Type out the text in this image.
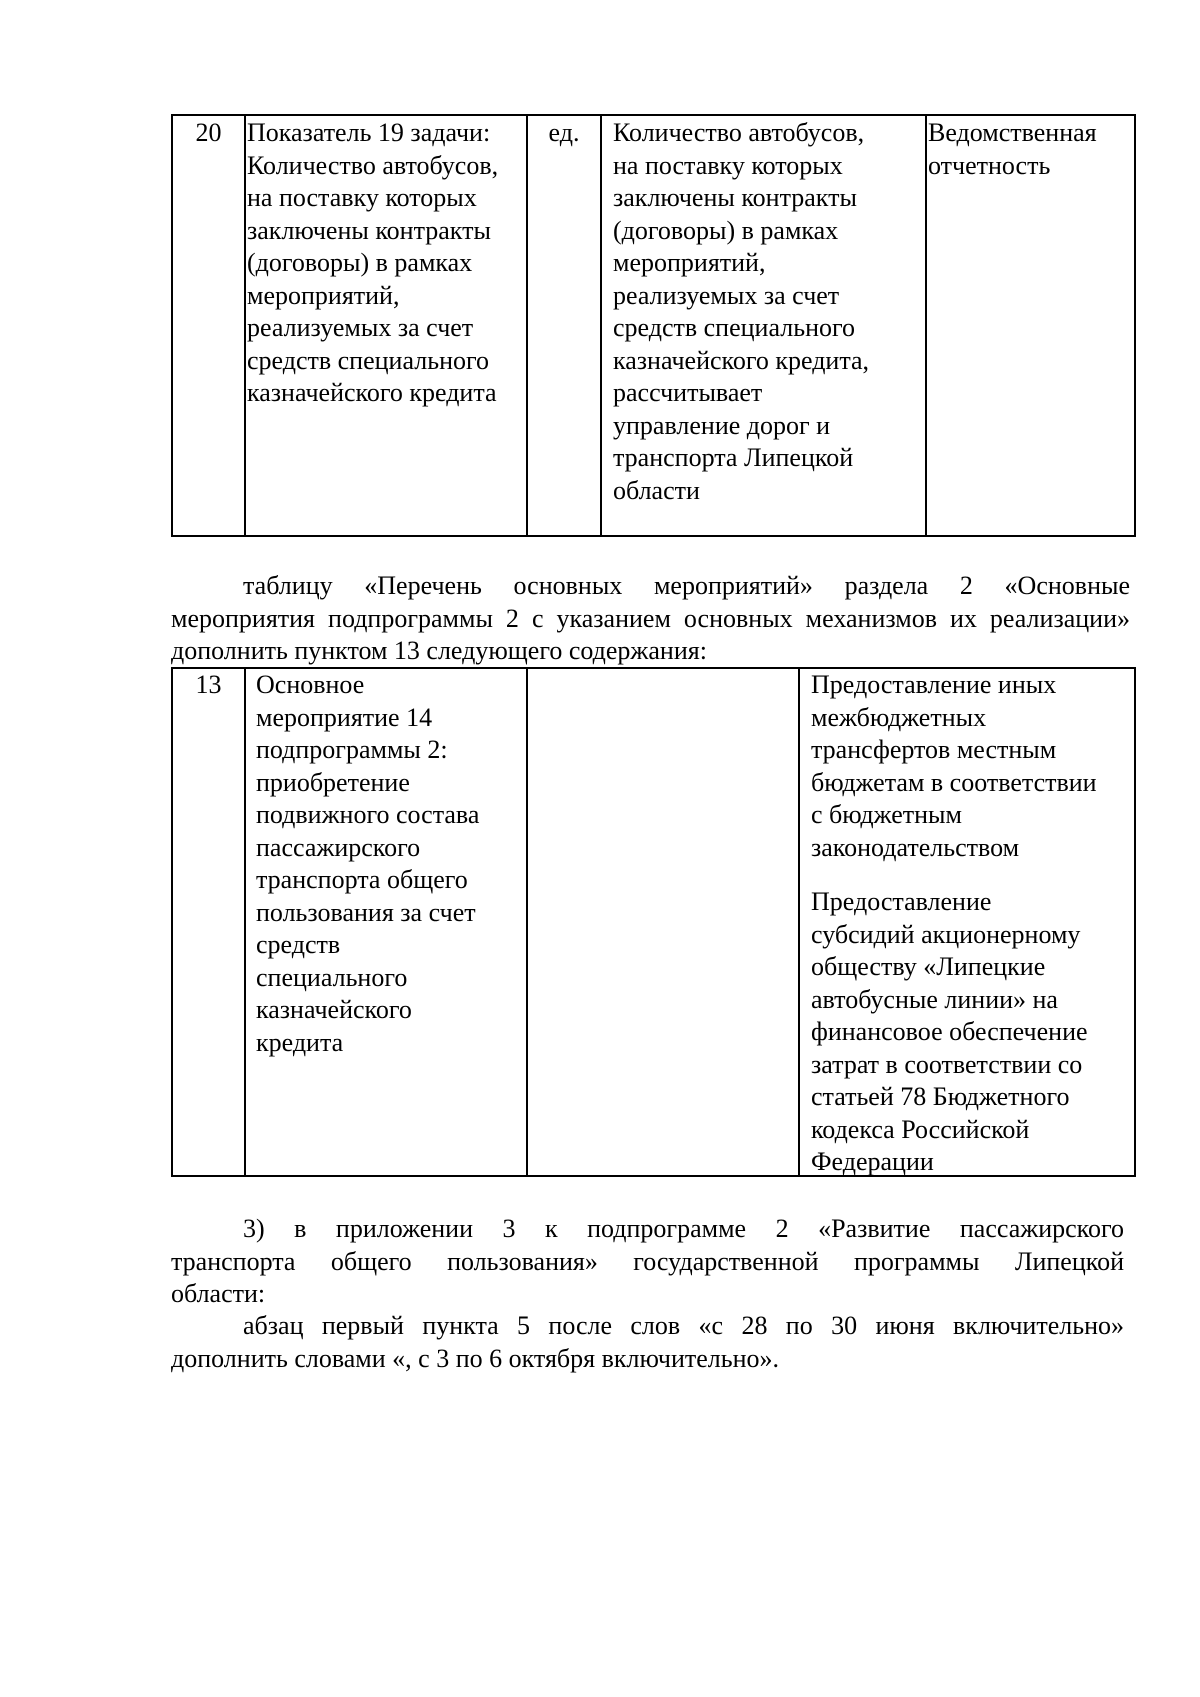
20 Показатель 19 задачи:
Количество автобусов,
на поставку которых
заключены контракты
(договоры) в рамках
мероприятий,
реализуемых за счет
средств специального
казначейского кредита
ед.	Количество автобусов,
на поставку которых
заключены контракты
(договоры) в рамках
мероприятий,
реализуемых за счет
средств специального
казначейского кредита,
рассчитывает
управление дорог и
транспорта Липецкой
области
Ведомственная
отчетность
таблицу «Перечень основных мероприятий» раздела 2 «Основные
мероприятия подпрограммы 2 с указанием основных механизмов их реализации»
дополнить пунктом 13 следующего содержания:
13	Основное
мероприятие 14
подпрограммы 2:
приобретение
подвижного состава
пассажирского
транспорта общего
пользования за счет
средств
специального
казначейского
кредита
Предоставление иных
межбюджетных
трансфертов местным
бюджетам в соответствии
с бюджетным
законодательством
Предоставление
субсидий акционерному
обществу «Липецкие
автобусные линии» на
финансовое обеспечение
затрат в соответствии со
статьей 78 Бюджетного
кодекса Российской
Федерации
3) в приложении 3 к подпрограмме 2 «Развитие пассажирского
транспорта общего пользования» государственной программы Липецкой
области:
абзац первый пункта 5 после слов «с 28 по 30 июня включительно»
дополнить словами «, с 3 по 6 октября включительно».
